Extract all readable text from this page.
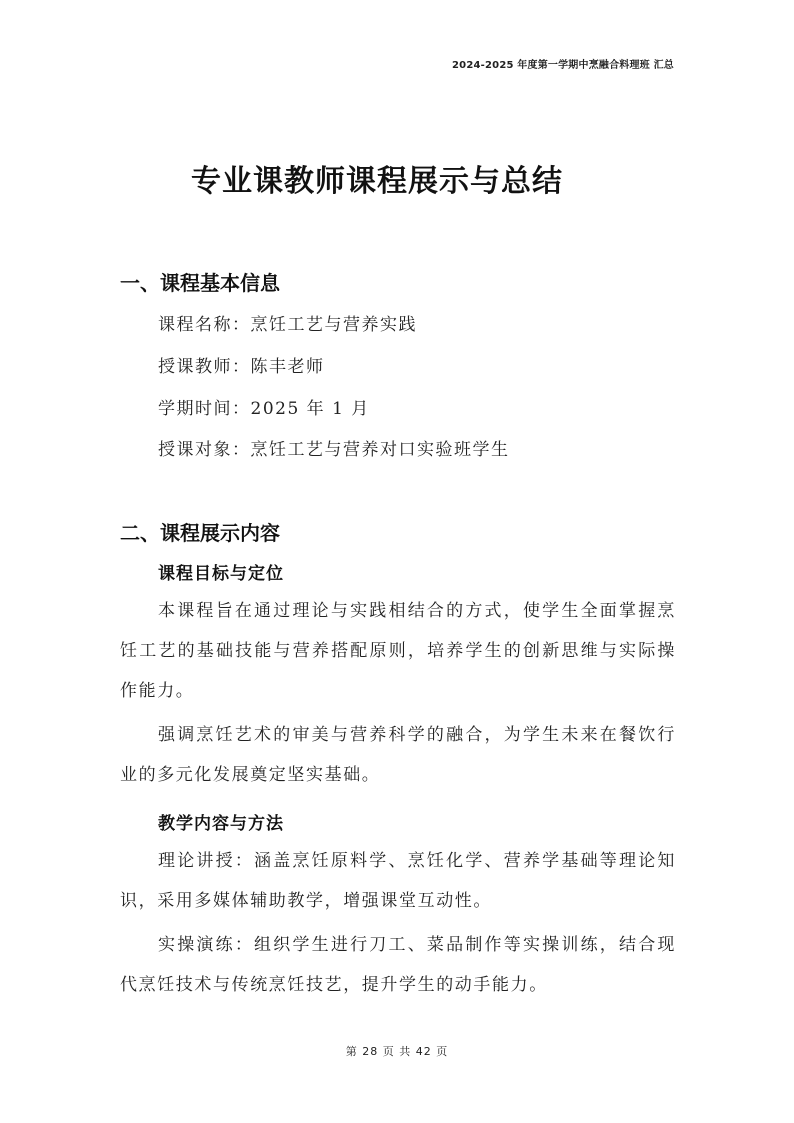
2024-2025 年度第一学期中烹融合料理班 汇总
专业课教师课程展示与总结
一、课程基本信息
课程名称：烹饪工艺与营养实践
授课教师：陈丰老师
学期时间：2025 年 1 月
授课对象：烹饪工艺与营养对口实验班学生
二、课程展示内容
课程目标与定位
本课程旨在通过理论与实践相结合的方式，使学生全面掌握烹饪工艺的基础技能与营养搭配原则，培养学生的创新思维与实际操作能力。
强调烹饪艺术的审美与营养科学的融合，为学生未来在餐饮行业的多元化发展奠定坚实基础。
教学内容与方法
理论讲授：涵盖烹饪原料学、烹饪化学、营养学基础等理论知识，采用多媒体辅助教学，增强课堂互动性。
实操演练：组织学生进行刀工、菜品制作等实操训练，结合现代烹饪技术与传统烹饪技艺，提升学生的动手能力。
第 28 页 共 42 页
